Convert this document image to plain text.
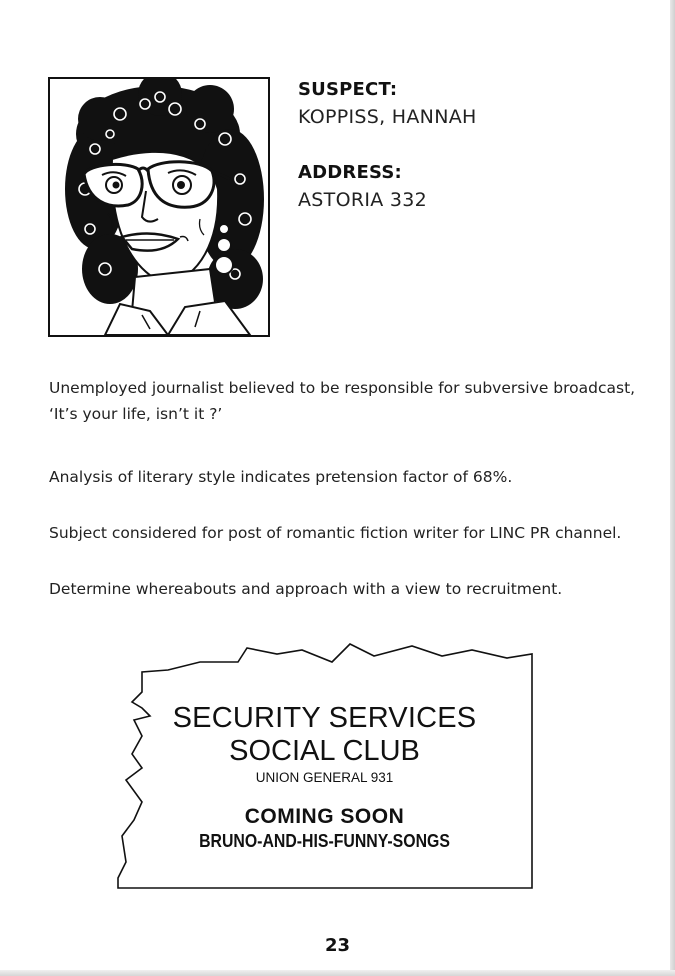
SUSPECT:
KOPPISS, HANNAH
ADDRESS:
ASTORIA 332
Unemployed journalist believed to be responsible for subversive broadcast, ‘It’s your life, isn’t it ?’
Analysis of literary style indicates pretension factor of 68%.
Subject considered for post of romantic fiction writer for LINC PR channel.
Determine whereabouts and approach with a view to recruitment.
SECURITY SERVICES
SOCIAL CLUB
UNION GENERAL 931
COMING SOON
BRUNO-AND-HIS-FUNNY-SONGS
23
